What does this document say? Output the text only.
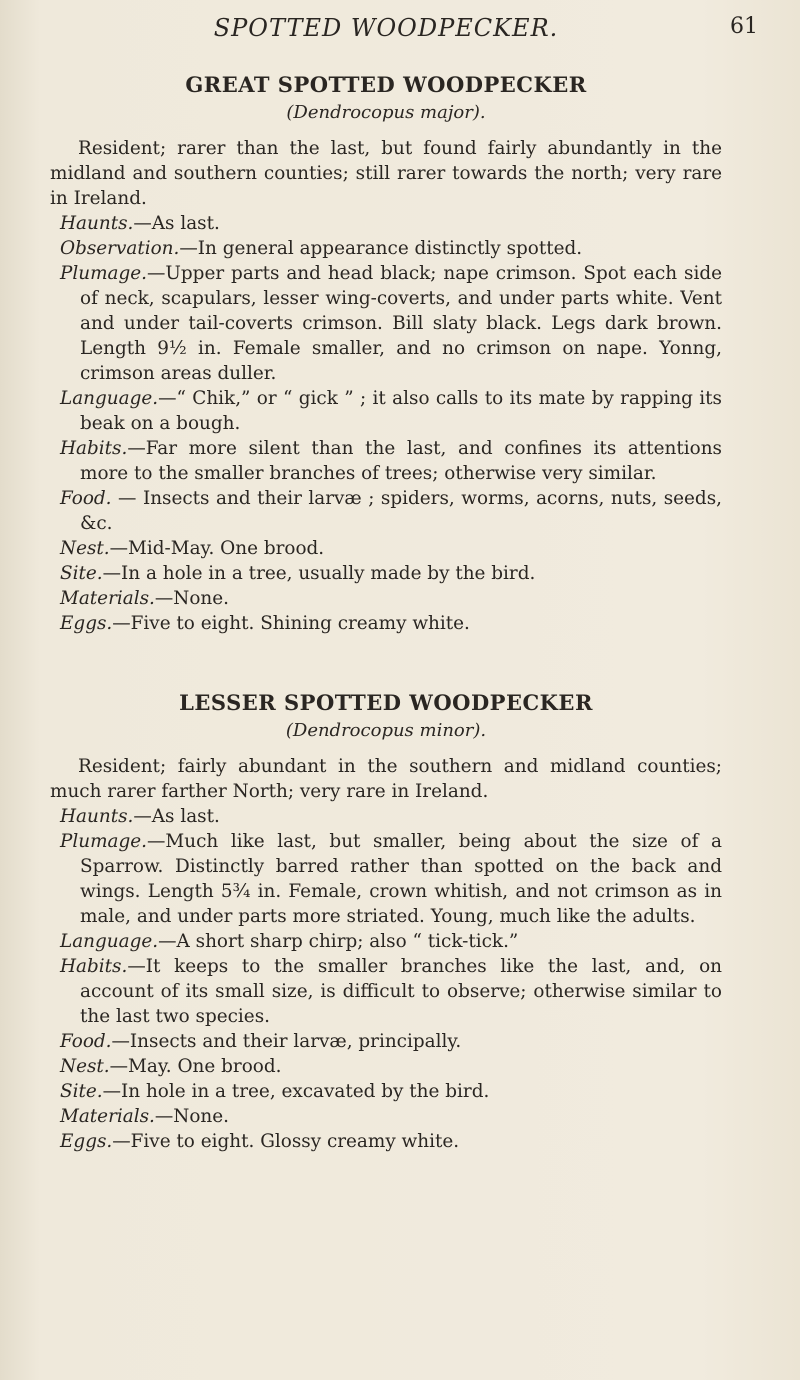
SPOTTED WOODPECKER.	61
GREAT SPOTTED WOODPECKER
(Dendrocopus major).

Resident; rarer than the last, but found fairly abundantly in the midland and southern counties; still rarer towards the north; very rare in Ireland.

Haunts.—As last.

Observation.—In general appearance distinctly spotted.

Plumage.—Upper parts and head black; nape crimson. Spot each side of neck, scapulars, lesser wing-coverts, and under parts white. Vent and under tail-coverts crimson. Bill slaty black. Legs dark brown. Length 9½ in. Female smaller, and no crimson on nape. Yonng, crimson areas duller.

Language.—“ Chik,” or “ gick ” ; it also calls to its mate by rapping its beak on a bough.

Habits.—Far more silent than the last, and confines its attentions more to the smaller branches of trees; otherwise very similar.

Food. — Insects and their larvæ ; spiders, worms, acorns, nuts, seeds, &c.

Nest.—Mid-May. One brood.

Site.—In a hole in a tree, usually made by the bird.

Materials.—None.

Eggs.—Five to eight. Shining creamy white.

LESSER SPOTTED WOODPECKER
(Dendrocopus minor).

Resident; fairly abundant in the southern and midland counties; much rarer farther North; very rare in Ireland.

Haunts.—As last.

Plumage.—Much like last, but smaller, being about the size of a Sparrow. Distinctly barred rather than spotted on the back and wings. Length 5¾ in. Female, crown whitish, and not crimson as in male, and under parts more striated. Young, much like the adults.

Language.—A short sharp chirp; also “ tick-tick.”

Habits.—It keeps to the smaller branches like the last, and, on account of its small size, is difficult to observe; otherwise similar to the last two species.

Food.—Insects and their larvæ, principally.

Nest.—May. One brood.

Site.—In hole in a tree, excavated by the bird.

Materials.—None.

Eggs.—Five to eight. Glossy creamy white.
